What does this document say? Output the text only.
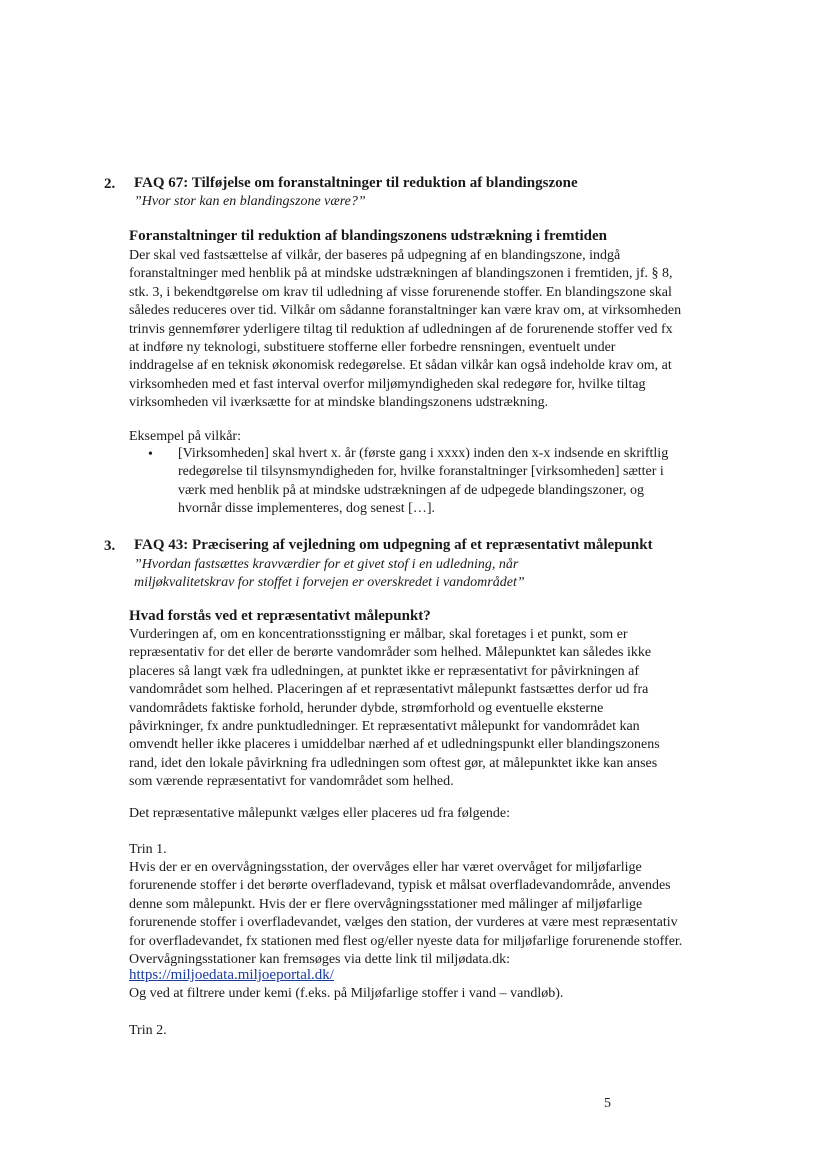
2. FAQ 67: Tilføjelse om foranstaltninger til reduktion af blandingszone
”Hvor stor kan en blandingszone være?”
Foranstaltninger til reduktion af blandingszonens udstrækning i fremtiden
Der skal ved fastsættelse af vilkår, der baseres på udpegning af en blandingszone, indgå
foranstaltninger med henblik på at mindske udstrækningen af blandingszonen i fremtiden, jf. § 8,
stk. 3, i bekendtgørelse om krav til udledning af visse forurenende stoffer. En blandingszone skal
således reduceres over tid. Vilkår om sådanne foranstaltninger kan være krav om, at virksomheden
trinvis gennemfører yderligere tiltag til reduktion af udledningen af de forurenende stoffer ved fx
at indføre ny teknologi, substituere stofferne eller forbedre rensningen, eventuelt under
inddragelse af en teknisk økonomisk redegørelse. Et sådan vilkår kan også indeholde krav om, at
virksomheden med et fast interval overfor miljømyndigheden skal redegøre for, hvilke tiltag
virksomheden vil iværksætte for at mindske blandingszonens udstrækning.
Eksempel på vilkår:
• [Virksomheden] skal hvert x. år (første gang i xxxx) inden den x-x indsende en skriftlig
redegørelse til tilsynsmyndigheden for, hvilke foranstaltninger [virksomheden] sætter i
værk med henblik på at mindske udstrækningen af de udpegede blandingszoner, og
hvornår disse implementeres, dog senest […].
3. FAQ 43: Præcisering af vejledning om udpegning af et repræsentativt målepunkt
”Hvordan fastsættes kravværdier for et givet stof i en udledning, når
miljøkvalitetskrav for stoffet i forvejen er overskredet i vandområdet”
Hvad forstås ved et repræsentativt målepunkt?
Vurderingen af, om en koncentrationsstigning er målbar, skal foretages i et punkt, som er
repræsentativ for det eller de berørte vandområder som helhed. Målepunktet kan således ikke
placeres så langt væk fra udledningen, at punktet ikke er repræsentativt for påvirkningen af
vandområdet som helhed. Placeringen af et repræsentativt målepunkt fastsættes derfor ud fra
vandområdets faktiske forhold, herunder dybde, strømforhold og eventuelle eksterne
påvirkninger, fx andre punktudledninger. Et repræsentativt målepunkt for vandområdet kan
omvendt heller ikke placeres i umiddelbar nærhed af et udledningspunkt eller blandingszonens
rand, idet den lokale påvirkning fra udledningen som oftest gør, at målepunktet ikke kan anses
som værende repræsentativt for vandområdet som helhed.
Det repræsentative målepunkt vælges eller placeres ud fra følgende:
Trin 1.
Hvis der er en overvågningsstation, der overvåges eller har været overvåget for miljøfarlige
forurenende stoffer i det berørte overfladevand, typisk et målsat overfladevandområde, anvendes
denne som målepunkt. Hvis der er flere overvågningsstationer med målinger af miljøfarlige
forurenende stoffer i overfladevandet, vælges den station, der vurderes at være mest repræsentativ
for overfladevandet, fx stationen med flest og/eller nyeste data for miljøfarlige forurenende stoffer.
Overvågningsstationer kan fremsøges via dette link til miljødata.dk:
https://miljoedata.miljoeportal.dk/
Og ved at filtrere under kemi (f.eks. på Miljøfarlige stoffer i vand – vandløb).
Trin 2.
5
